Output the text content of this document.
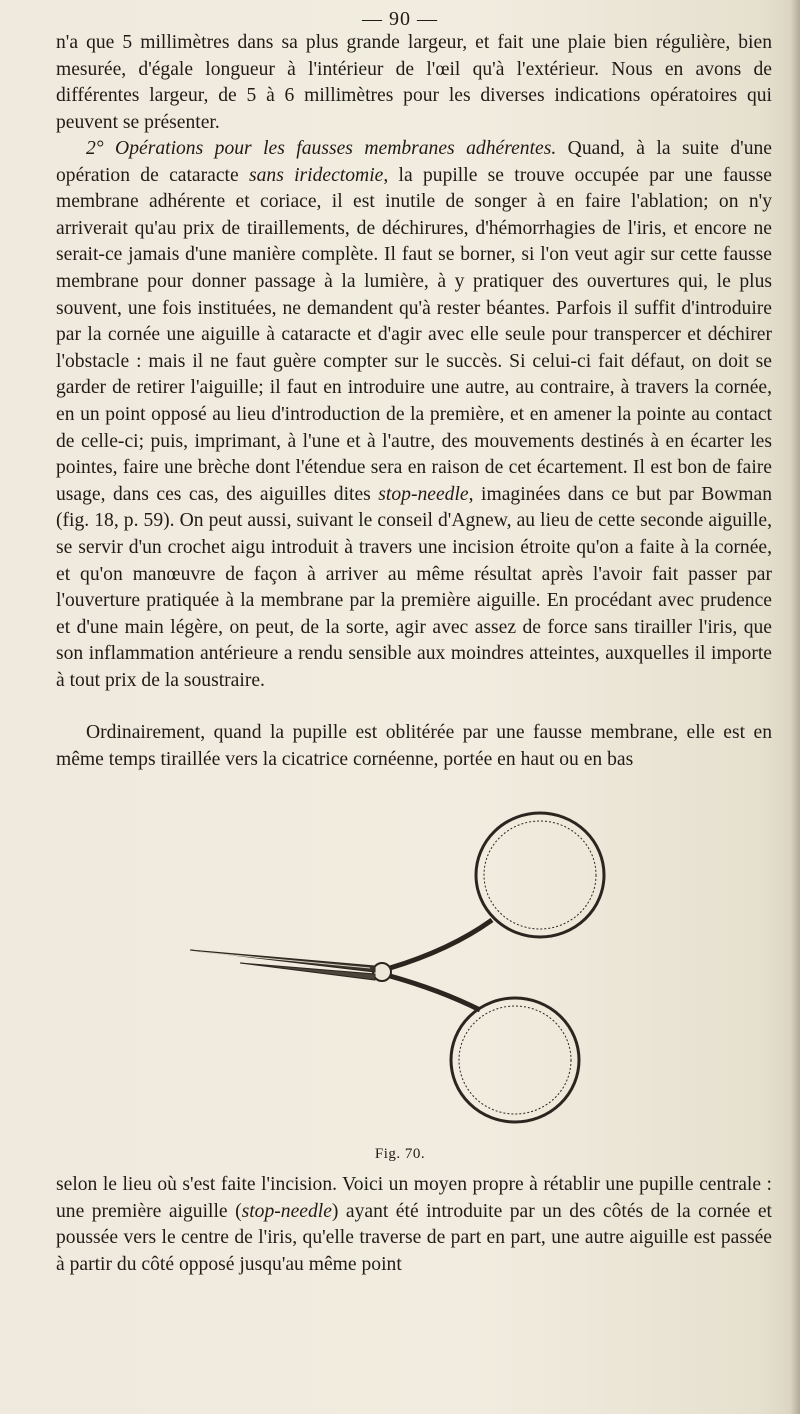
— 90 —

n'a que 5 millimètres dans sa plus grande largeur, et fait une plaie bien régulière, bien mesurée, d'égale longueur à l'intérieur de l'œil qu'à l'extérieur. Nous en avons de différentes largeur, de 5 à 6 millimètres pour les diverses indications opératoires qui peuvent se présenter.

2° Opérations pour les fausses membranes adhérentes. Quand, à la suite d'une opération de cataracte sans iridectomie, la pupille se trouve occupée par une fausse membrane adhérente et coriace, il est inutile de songer à en faire l'ablation; on n'y arriverait qu'au prix de tiraillements, de déchirures, d'hémorrhagies de l'iris, et encore ne serait-ce jamais d'une manière complète. Il faut se borner, si l'on veut agir sur cette fausse membrane pour donner passage à la lumière, à y pratiquer des ouvertures qui, le plus souvent, une fois instituées, ne demandent qu'à rester béantes. Parfois il suffit d'introduire par la cornée une aiguille à cataracte et d'agir avec elle seule pour transpercer et déchirer l'obstacle : mais il ne faut guère compter sur le succès. Si celui-ci fait défaut, on doit se garder de retirer l'aiguille; il faut en introduire une autre, au contraire, à travers la cornée, en un point opposé au lieu d'introduction de la première, et en amener la pointe au contact de celle-ci; puis, imprimant, à l'une et à l'autre, des mouvements destinés à en écarter les pointes, faire une brèche dont l'étendue sera en raison de cet écartement. Il est bon de faire usage, dans ces cas, des aiguilles dites stop-needle, imaginées dans ce but par Bowman (fig. 18, p. 59). On peut aussi, suivant le conseil d'Agnew, au lieu de cette seconde aiguille, se servir d'un crochet aigu introduit à travers une incision étroite qu'on a faite à la cornée, et qu'on manœuvre de façon à arriver au même résultat après l'avoir fait passer par l'ouverture pratiquée à la membrane par la première aiguille. En procédant avec prudence et d'une main légère, on peut, de la sorte, agir avec assez de force sans tirailler l'iris, que son inflammation antérieure a rendu sensible aux moindres atteintes, auxquelles il importe à tout prix de la soustraire.

Ordinairement, quand la pupille est oblitérée par une fausse membrane, elle est en même temps tiraillée vers la cicatrice cornéenne, portée en haut ou en bas

Fig. 70.

selon le lieu où s'est faite l'incision. Voici un moyen propre à rétablir une pupille centrale : une première aiguille (stop-needle) ayant été introduite par un des côtés de la cornée et poussée vers le centre de l'iris, qu'elle traverse de part en part, une autre aiguille est passée à partir du côté opposé jusqu'au même point
